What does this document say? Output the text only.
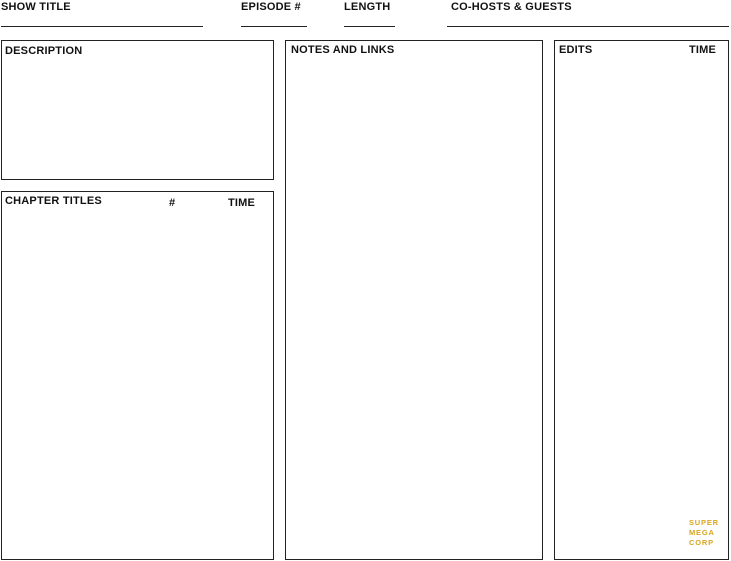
SHOW TITLE	EPISODE #	LENGTH	CO-HOSTS & GUESTS
DESCRIPTION
CHAPTER TITLES	#	TIME
NOTES AND LINKS	EDITS	TIME
SUPER
MEGA
CORP
